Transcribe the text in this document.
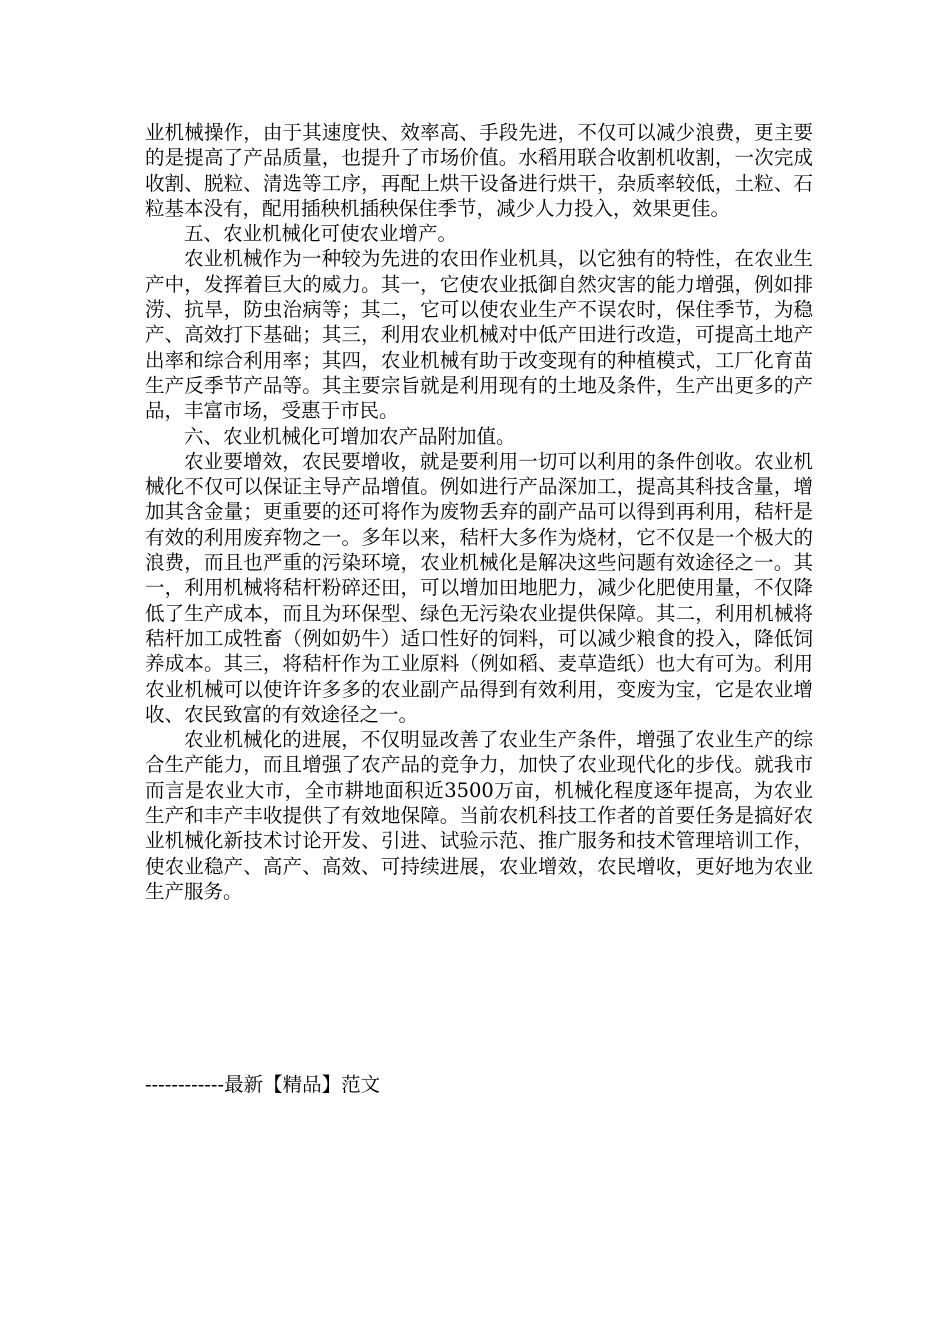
业机械操作，由于其速度快、效率高、手段先进，不仅可以减少浪费，更主要的是提高了产品质量，也提升了市场价值。水稻用联合收割机收割，一次完成收割、脱粒、清选等工序，再配上烘干设备进行烘干，杂质率较低，土粒、石粒基本没有，配用插秧机插秧保住季节，减少人力投入，效果更佳。

五、农业机械化可使农业增产。

农业机械作为一种较为先进的农田作业机具，以它独有的特性，在农业生产中，发挥着巨大的威力。其一，它使农业抵御自然灾害的能力增强，例如排涝、抗旱，防虫治病等；其二，它可以使农业生产不误农时，保住季节，为稳产、高效打下基础；其三，利用农业机械对中低产田进行改造，可提高土地产出率和综合利用率；其四，农业机械有助于改变现有的种植模式，工厂化育苗生产反季节产品等。其主要宗旨就是利用现有的土地及条件，生产出更多的产品，丰富市场，受惠于市民。

六、农业机械化可增加农产品附加值。

农业要增效，农民要增收，就是要利用一切可以利用的条件创收。农业机械化不仅可以保证主导产品增值。例如进行产品深加工，提高其科技含量，增加其含金量；更重要的还可将作为废物丢弃的副产品可以得到再利用，秸杆是有效的利用废弃物之一。多年以来，秸杆大多作为烧材，它不仅是一个极大的浪费，而且也严重的污染环境，农业机械化是解决这些问题有效途径之一。其一，利用机械将秸杆粉碎还田，可以增加田地肥力，减少化肥使用量，不仅降低了生产成本，而且为环保型、绿色无污染农业提供保障。其二，利用机械将秸杆加工成牲畜（例如奶牛）适口性好的饲料，可以减少粮食的投入，降低饲养成本。其三，将秸杆作为工业原料（例如稻、麦草造纸）也大有可为。利用农业机械可以使许许多多的农业副产品得到有效利用，变废为宝，它是农业增收、农民致富的有效途径之一。

农业机械化的进展，不仅明显改善了农业生产条件，增强了农业生产的综合生产能力，而且增强了农产品的竞争力，加快了农业现代化的步伐。就我市而言是农业大市，全市耕地面积近3500万亩，机械化程度逐年提高，为农业生产和丰产丰收提供了有效地保障。当前农机科技工作者的首要任务是搞好农业机械化新技术讨论开发、引进、试验示范、推广服务和技术管理培训工作，使农业稳产、高产、高效、可持续进展，农业增效，农民增收，更好地为农业生产服务。

------------最新【精品】范文
